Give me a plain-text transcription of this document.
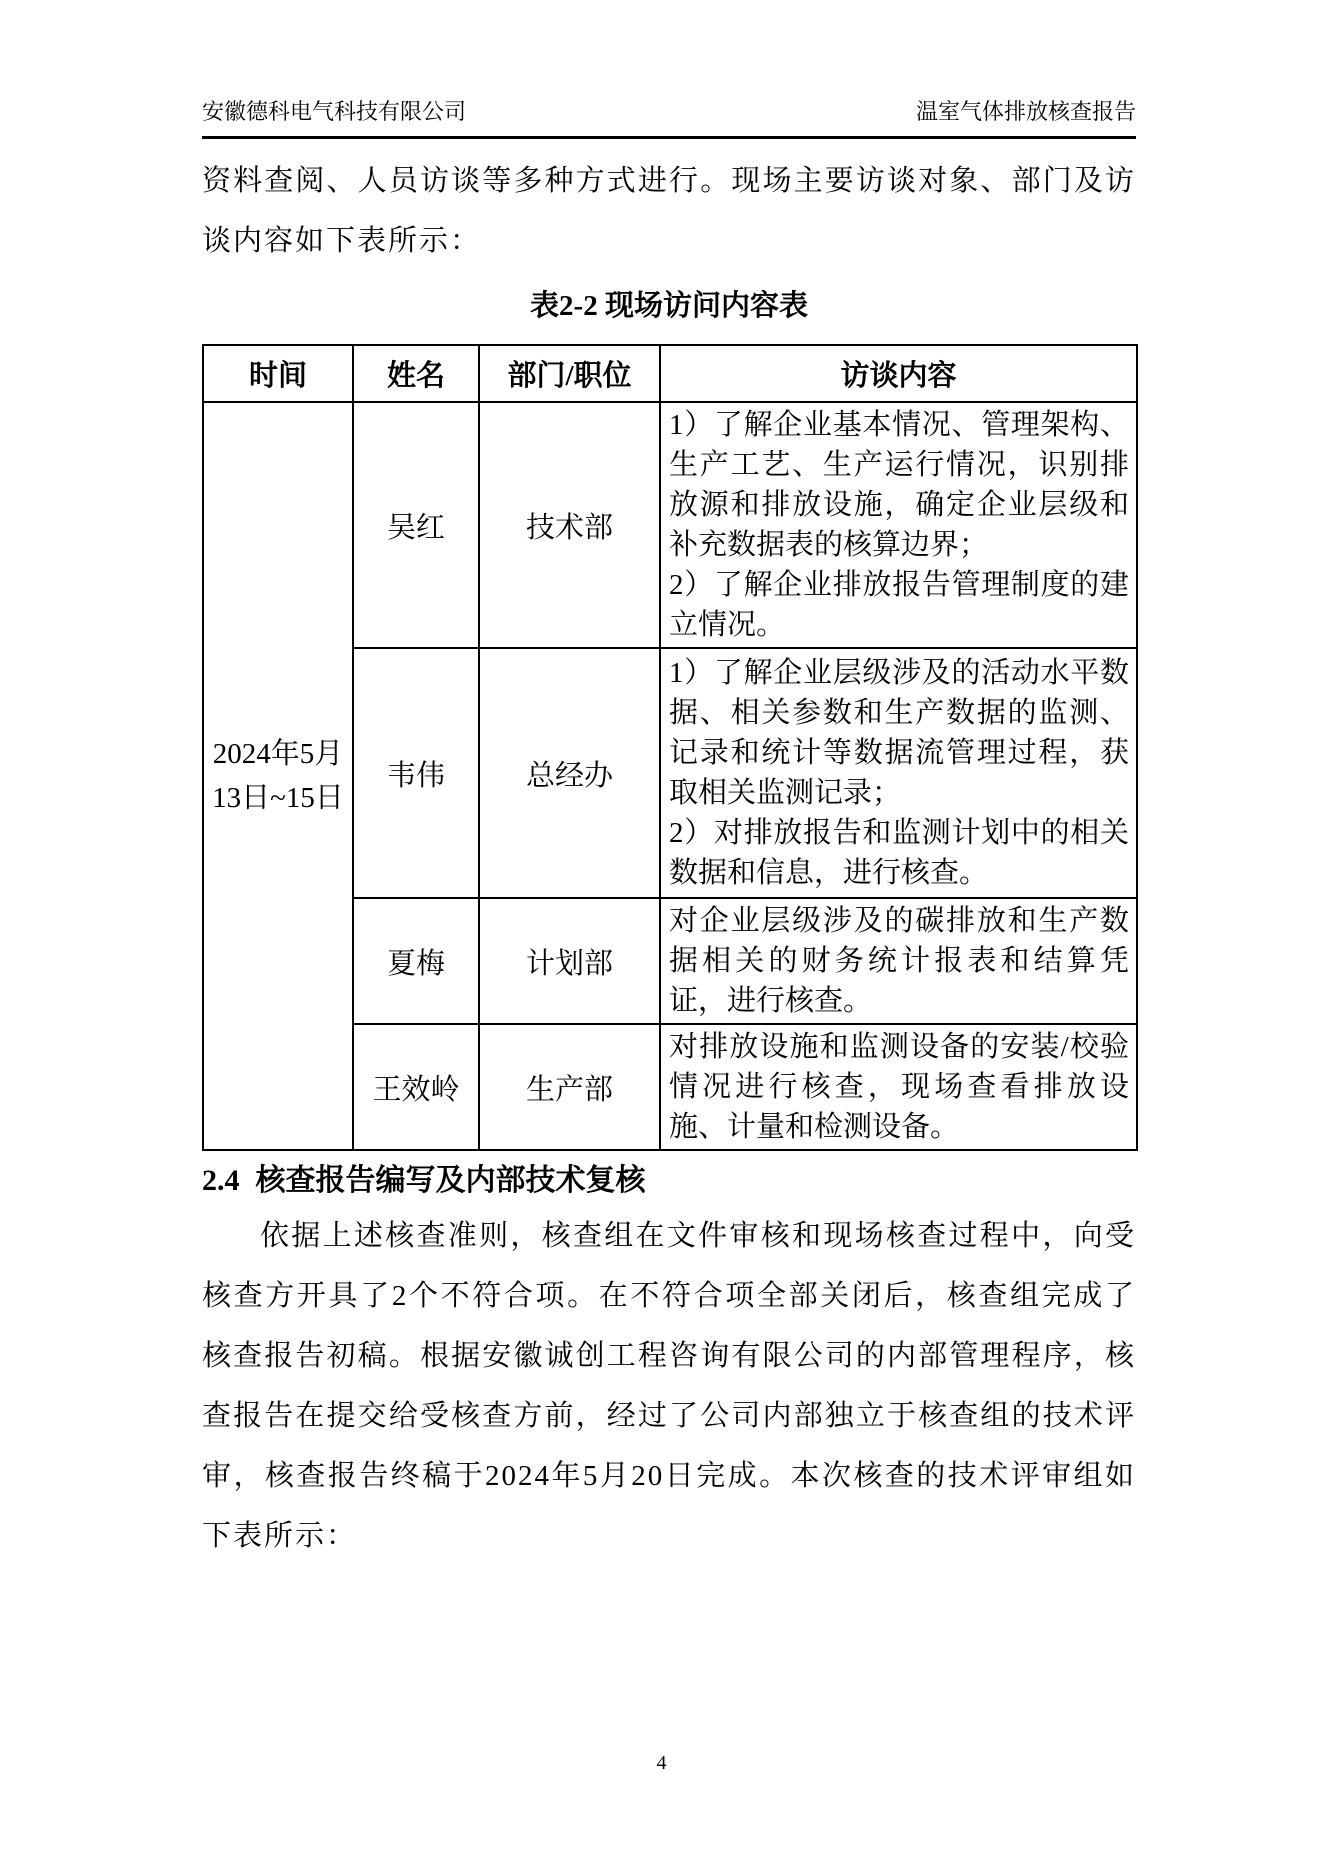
安徽德科电气科技有限公司	温室气体排放核查报告

资料查阅、人员访谈等多种方式进行。现场主要访谈对象、部门及访谈内容如下表所示：

表2-2 现场访问内容表
时间	姓名	部门/职位	访谈内容

2024年5月
13日~15日
	吴红	技术部	
1）了解企业基本情况、管理架构、生产工艺、生产运行情况，识别排放源和排放设施，确定企业层级和补充数据表的核算边界；
2）了解企业排放报告管理制度的建立情况。

	韦伟	总经办	1）了解企业层级涉及的活动水平数据、相关参数和生产数据的监测、记录和统计等数据流管理过程，获取相关监测记录；
2）对排放报告和监测计划中的相关数据和信息，进行核查。

	夏梅	计划部	对企业层级涉及的碳排放和生产数据相关的财务统计报表和结算凭证，进行核查。

	王效岭	生产部	对排放设施和监测设备的安装/校验情况进行核查，现场查看排放设施、计量和检测设备。
2.4 核查报告编写及内部技术复核

依据上述核查准则，核查组在文件审核和现场核查过程中，向受核查方开具了2个不符合项。在不符合项全部关闭后，核查组完成了核查报告初稿。根据安徽诚创工程咨询有限公司的内部管理程序，核查报告在提交给受核查方前，经过了公司内部独立于核查组的技术评审，核查报告终稿于2024年5月20日完成。本次核查的技术评审组如下表所示：

4
